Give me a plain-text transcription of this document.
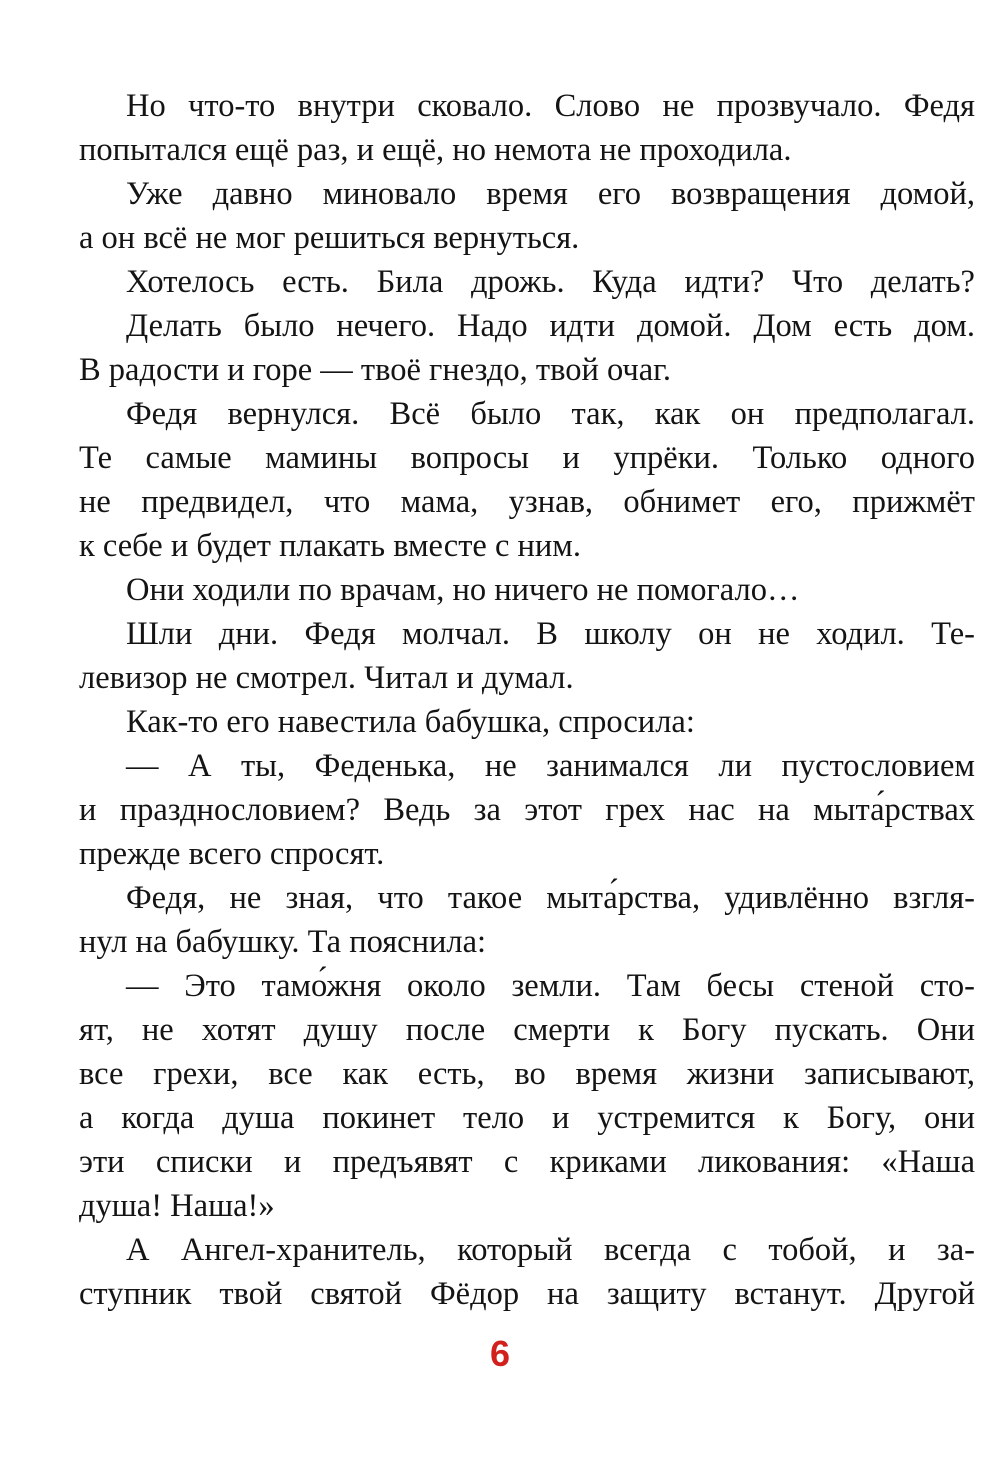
Но что-то внутри сковало. Слово не прозвучало. Федя
попытался ещё раз, и ещё, но немота не проходила.
Уже давно миновало время его возвращения домой,
а он всё не мог решиться вернуться.
Хотелось есть. Била дрожь. Куда идти? Что делать?
Делать было нечего. Надо идти домой. Дом есть дом.
В радости и горе — твоё гнездо, твой очаг.
Федя вернулся. Всё было так, как он предполагал.
Те самые мамины вопросы и упрёки. Только одного
не предвидел, что мама, узнав, обнимет его, прижмёт
к себе и будет плакать вместе с ним.
Они ходили по врачам, но ничего не помогало…
Шли дни. Федя молчал. В школу он не ходил. Те-
левизор не смотрел. Читал и думал.
Как-то его навестила бабушка, спросила:
— А ты, Феденька, не занимался ли пустословием
и празднословием? Ведь за этот грех нас на мыта́рствах
прежде всего спросят.
Федя, не зная, что такое мыта́рства, удивлённо взгля-
нул на бабушку. Та пояснила:
— Это тамо́жня около земли. Там бесы стеной сто-
ят, не хотят душу после смерти к Богу пускать. Они
все грехи, все как есть, во время жизни записывают,
а когда душа покинет тело и устремится к Богу, они
эти списки и предъявят с криками ликования: «Наша
душа! Наша!»
А Ангел-хранитель, который всегда с тобой, и за-
ступник твой святой Фёдор на защиту встанут. Другой
6
